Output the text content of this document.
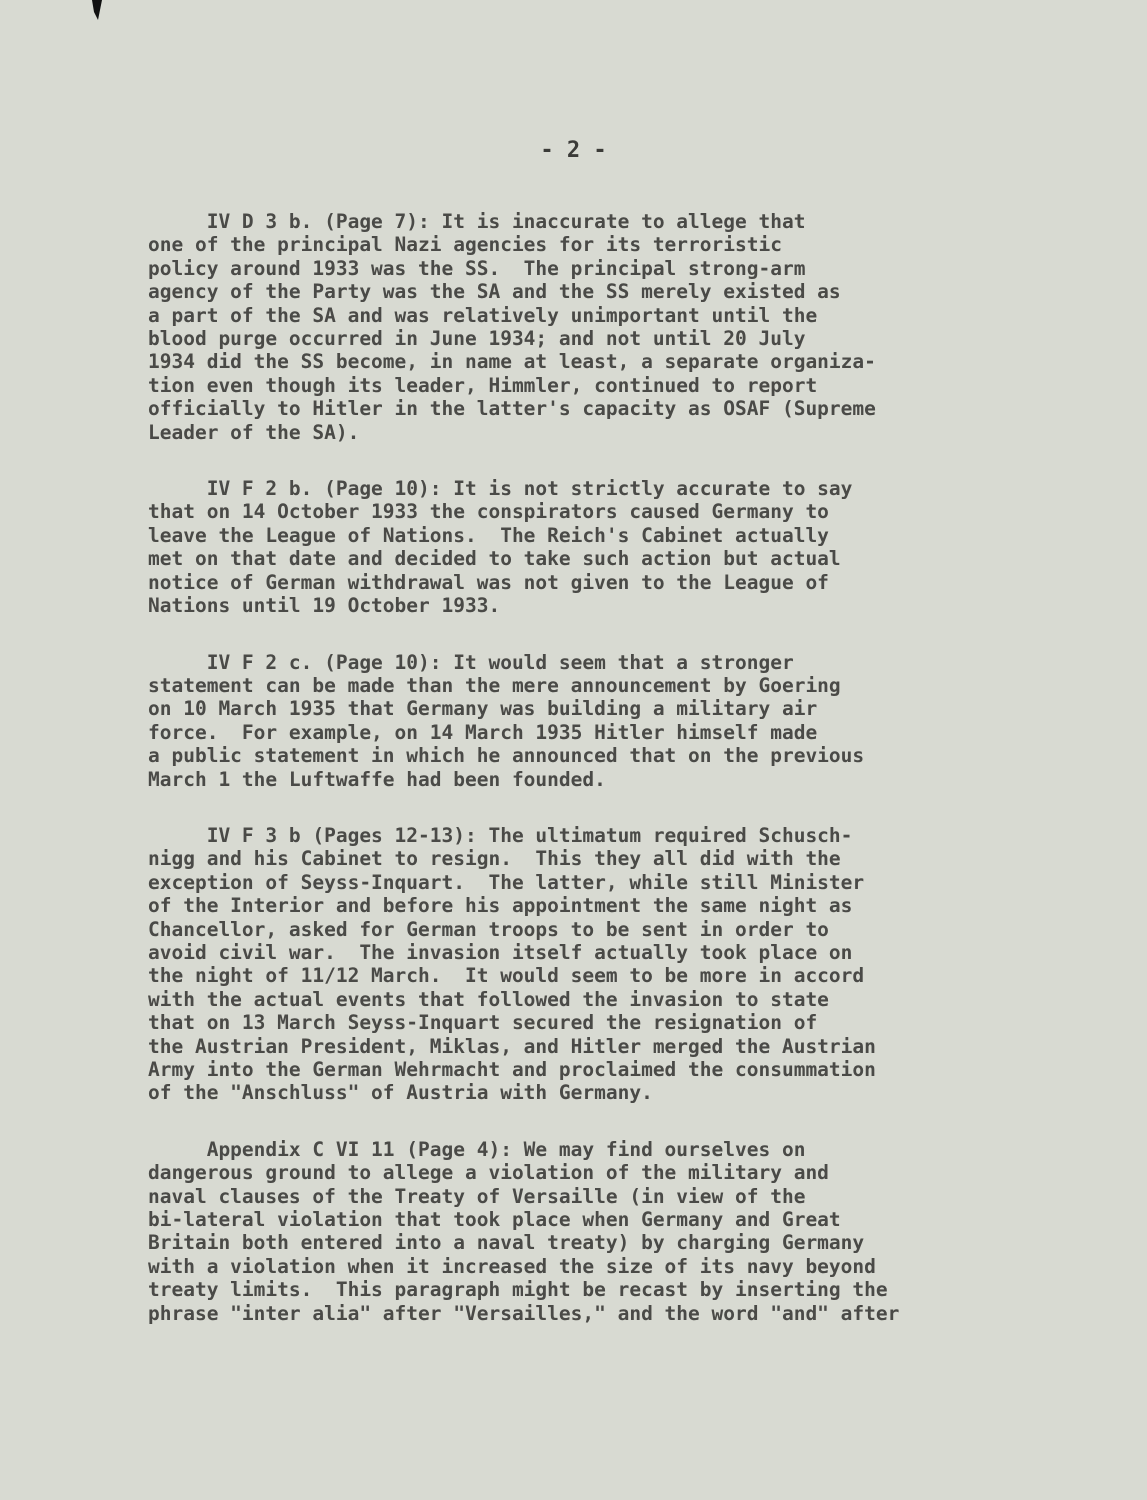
- 2 -
IV D 3 b. (Page 7): It is inaccurate to allege that
one of the principal Nazi agencies for its terroristic
policy around 1933 was the SS.  The principal strong-arm
agency of the Party was the SA and the SS merely existed as
a part of the SA and was relatively unimportant until the
blood purge occurred in June 1934; and not until 20 July
1934 did the SS become, in name at least, a separate organiza-
tion even though its leader, Himmler, continued to report
officially to Hitler in the latter's capacity as OSAF (Supreme
Leader of the SA).
IV F 2 b. (Page 10): It is not strictly accurate to say
that on 14 October 1933 the conspirators caused Germany to
leave the League of Nations.  The Reich's Cabinet actually
met on that date and decided to take such action but actual
notice of German withdrawal was not given to the League of
Nations until 19 October 1933.
IV F 2 c. (Page 10): It would seem that a stronger
statement can be made than the mere announcement by Goering
on 10 March 1935 that Germany was building a military air
force.  For example, on 14 March 1935 Hitler himself made
a public statement in which he announced that on the previous
March 1 the Luftwaffe had been founded.
IV F 3 b (Pages 12-13): The ultimatum required Schusch-
nigg and his Cabinet to resign.  This they all did with the
exception of Seyss-Inquart.  The latter, while still Minister
of the Interior and before his appointment the same night as
Chancellor, asked for German troops to be sent in order to
avoid civil war.  The invasion itself actually took place on
the night of 11/12 March.  It would seem to be more in accord
with the actual events that followed the invasion to state
that on 13 March Seyss-Inquart secured the resignation of
the Austrian President, Miklas, and Hitler merged the Austrian
Army into the German Wehrmacht and proclaimed the consummation
of the "Anschluss" of Austria with Germany.
Appendix C VI 11 (Page 4): We may find ourselves on
dangerous ground to allege a violation of the military and
naval clauses of the Treaty of Versaille (in view of the
bi-lateral violation that took place when Germany and Great
Britain both entered into a naval treaty) by charging Germany
with a violation when it increased the size of its navy beyond
treaty limits.  This paragraph might be recast by inserting the
phrase "inter alia" after "Versailles," and the word "and" after
